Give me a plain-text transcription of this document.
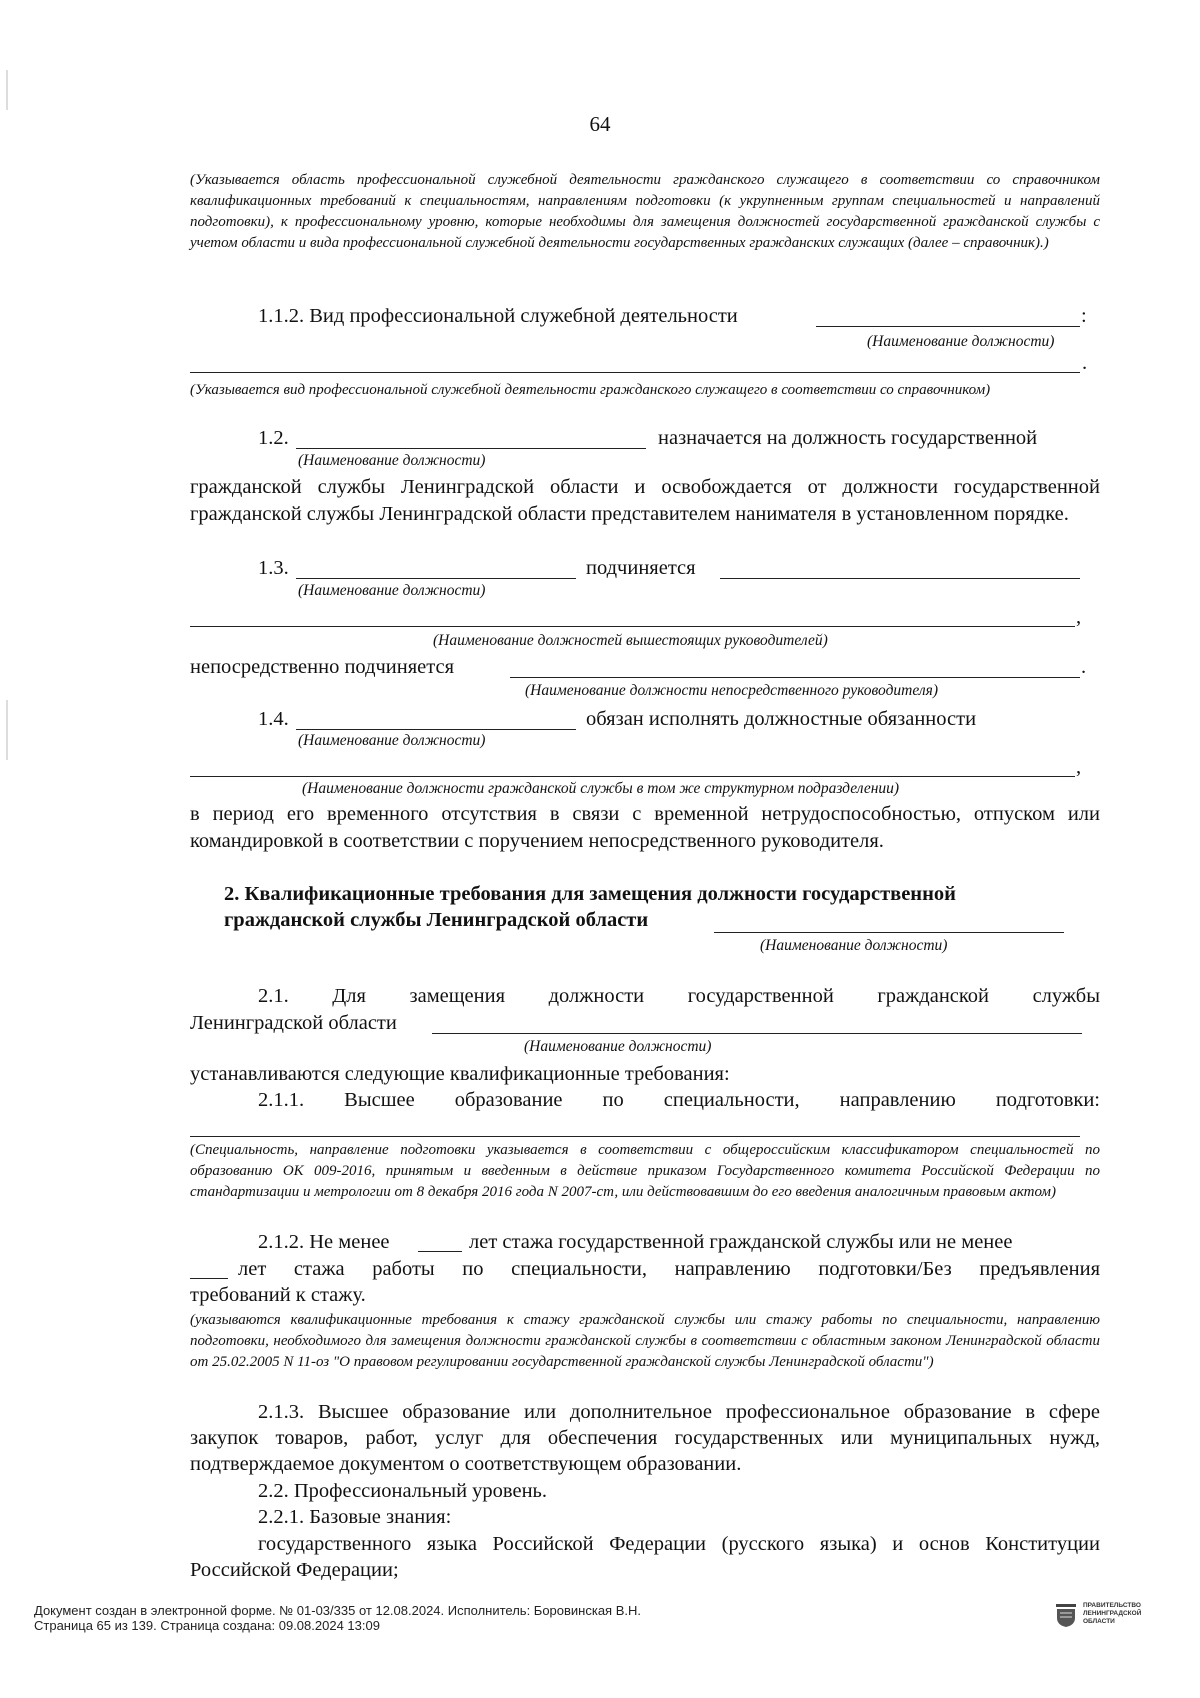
64
(Указывается область профессиональной служебной деятельности гражданского служащего в соответствии со справочником квалификационных требований к специальностям, направлениям подготовки (к укрупненным группам специальностей и направлений подготовки), к профессиональному уровню, которые необходимы для замещения должностей государственной гражданской службы с учетом области и вида профессиональной служебной деятельности государственных гражданских служащих (далее – справочник).)
1.1.2. Вид профессиональной служебной деятельности	:
(Наименование должности)
.
(Указывается вид профессиональной служебной деятельности гражданского служащего в соответствии со справочником)
1.2.	назначается на должность государственной
(Наименование должности)
гражданской службы Ленинградской области и освобождается от должности государственной гражданской службы Ленинградской области представителем нанимателя в установленном порядке.
1.3.	подчиняется
(Наименование должности)
,
(Наименование должностей вышестоящих руководителей)
непосредственно подчиняется	.
(Наименование должности непосредственного руководителя)
1.4.	обязан исполнять должностные обязанности
(Наименование должности)
,
(Наименование должности гражданской службы в том же структурном подразделении)
в период его временного отсутствия в связи с временной нетрудоспособностью, отпуском или командировкой в соответствии с поручением непосредственного руководителя.
2. Квалификационные требования для замещения должности государственной
гражданской службы Ленинградской области
(Наименование должности)
2.1. Для замещения должности государственной гражданской службы
Ленинградской области
(Наименование должности)
устанавливаются следующие квалификационные требования:
2.1.1. Высшее образование по специальности, направлению подготовки:
(Специальность, направление подготовки указывается в соответствии с общероссийским классификатором специальностей по образованию ОК 009-2016, принятым и введенным в действие приказом Государственного комитета Российской Федерации по стандартизации и метрологии от 8 декабря 2016 года N 2007-ст, или действовавшим до его введения аналогичным правовым актом)
2.1.2. Не менее	лет стажа государственной гражданской службы или не менее
лет стажа работы по специальности, направлению подготовки/Без предъявления
требований к стажу.
(указываются квалификационные требования к стажу гражданской службы или стажу работы по специальности, направлению подготовки, необходимого для замещения должности гражданской службы в соответствии с областным законом Ленинградской области от 25.02.2005 N 11-оз "О правовом регулировании государственной гражданской службы Ленинградской области")
2.1.3. Высшее образование или дополнительное профессиональное образование в сфере закупок товаров, работ, услуг для обеспечения государственных или муниципальных нужд, подтверждаемое документом о соответствующем образовании.
2.2. Профессиональный уровень.
2.2.1. Базовые знания:
государственного языка Российской Федерации (русского языка) и основ Конституции Российской Федерации;
Документ создан в электронной форме. № 01-03/335 от 12.08.2024. Исполнитель: Боровинская В.Н.
Страница 65 из 139. Страница создана: 09.08.2024 13:09
ПРАВИТЕЛЬСТВО
ЛЕНИНГРАДСКОЙ
ОБЛАСТИ
